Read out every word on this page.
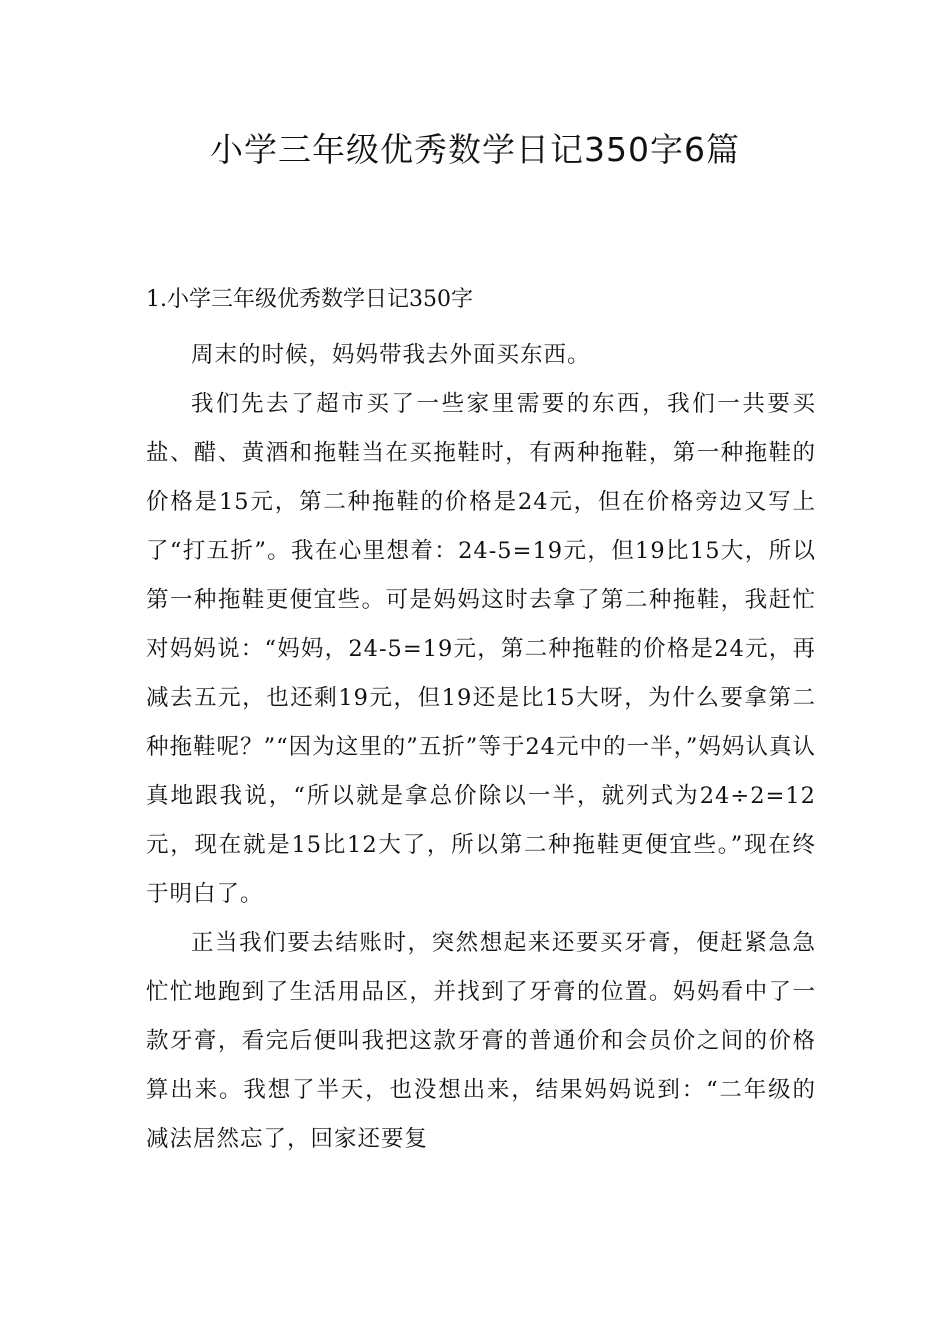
小学三年级优秀数学日记350字6篇
1.小学三年级优秀数学日记350字

周末的时候，妈妈带我去外面买东西。

我们先去了超市买了一些家里需要的东西，我们一共要买盐、醋、黄酒和拖鞋当在买拖鞋时，有两种拖鞋，第一种拖鞋的价格是15元，第二种拖鞋的价格是24元，但在价格旁边又写上了“打五折”。我在心里想着：24-5=19元，但19比15大，所以第一种拖鞋更便宜些。可是妈妈这时去拿了第二种拖鞋，我赶忙对妈妈说：“妈妈，24-5=19元，第二种拖鞋的价格是24元，再减去五元，也还剩19元，但19还是比15大呀，为什么要拿第二种拖鞋呢？”“因为这里的”五折”等于24元中的一半，”妈妈认真认真地跟我说，“所以就是拿总价除以一半，就列式为24÷2=12元，现在就是15比12大了，所以第二种拖鞋更便宜些。”现在终于明白了。

正当我们要去结账时，突然想起来还要买牙膏，便赶紧急急忙忙地跑到了生活用品区，并找到了牙膏的位置。妈妈看中了一款牙膏，看完后便叫我把这款牙膏的普通价和会员价之间的价格算出来。我想了半天，也没想出来，结果妈妈说到：“二年级的减法居然忘了，回家还要复
